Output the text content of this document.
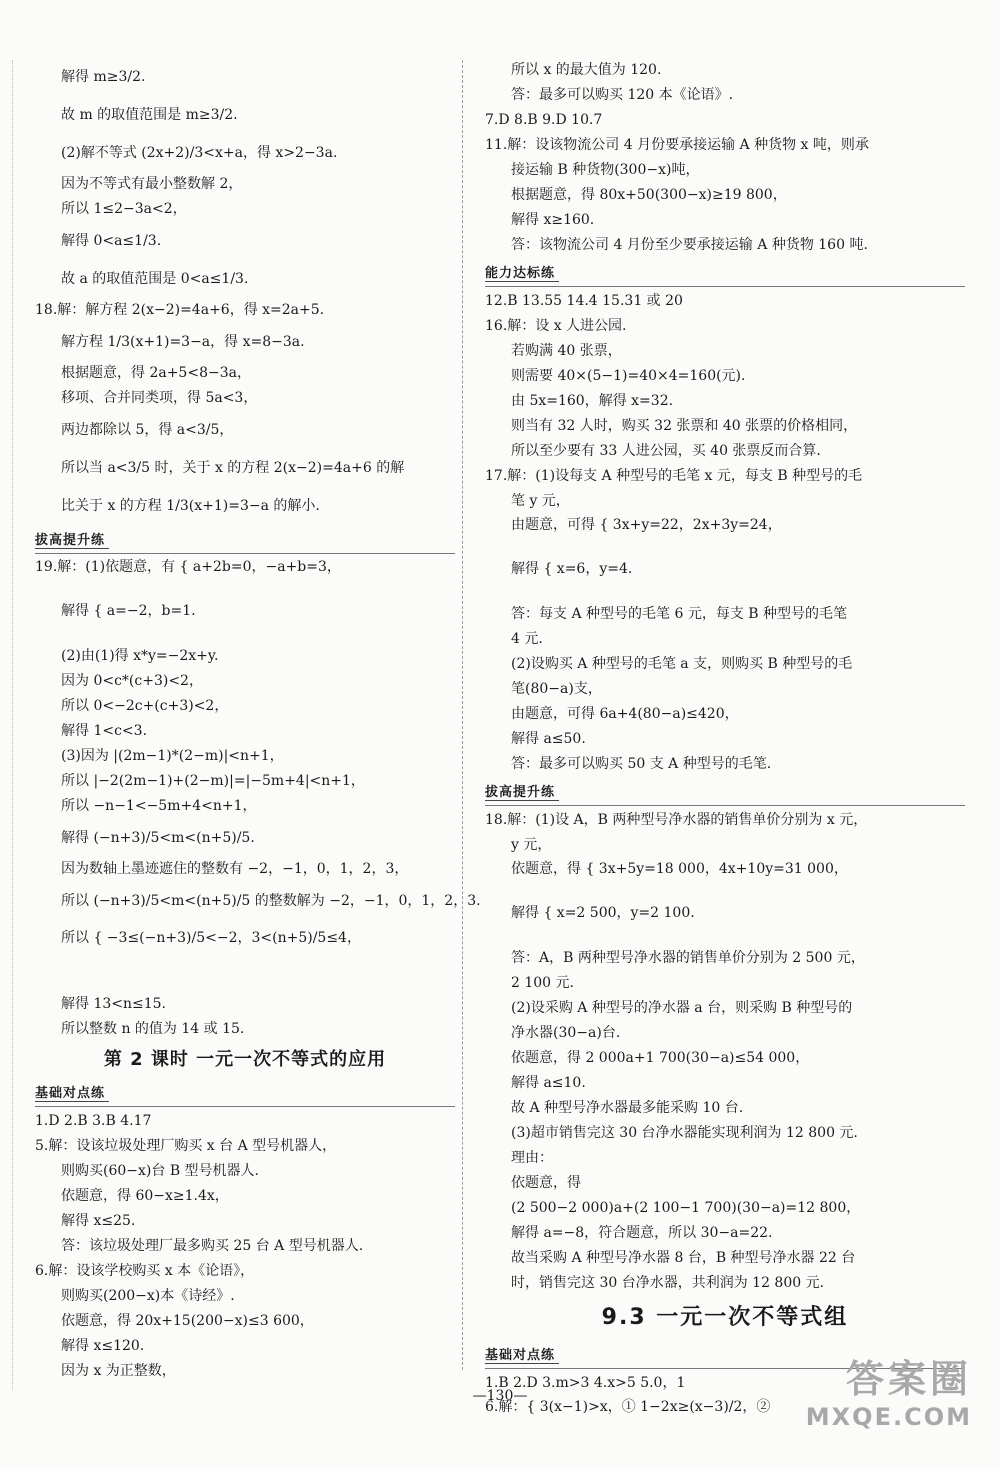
解得 m≥3/2.
故 m 的取值范围是 m≥3/2.
(2)解不等式 (2x+2)/3<x+a，得 x>2−3a.
因为不等式有最小整数解 2，
所以 1≤2−3a<2，
解得 0<a≤1/3.
故 a 的取值范围是 0<a≤1/3.
18.解：解方程 2(x−2)=4a+6，得 x=2a+5.
解方程 1/3(x+1)=3−a，得 x=8−3a.
根据题意，得 2a+5<8−3a，
移项、合并同类项，得 5a<3，
两边都除以 5，得 a<3/5，
所以当 a<3/5 时，关于 x 的方程 2(x−2)=4a+6 的解
比关于 x 的方程 1/3(x+1)=3−a 的解小.
拔高提升练
19.解：(1)依题意，有 { a+2b=0，−a+b=3，
解得 { a=−2，b=1.
(2)由(1)得 x*y=−2x+y.
因为 0<c*(c+3)<2，
所以 0<−2c+(c+3)<2，
解得 1<c<3.
(3)因为 |(2m−1)*(2−m)|<n+1，
所以 |−2(2m−1)+(2−m)|=|−5m+4|<n+1，
所以 −n−1<−5m+4<n+1，
解得 (−n+3)/5<m<(n+5)/5.
因为数轴上墨迹遮住的整数有 −2，−1，0，1，2，3，
所以 (−n+3)/5<m<(n+5)/5 的整数解为 −2，−1，0，1，2，3.
所以 { −3≤(−n+3)/5<−2，3<(n+5)/5≤4，
解得 13<n≤15.
所以整数 n 的值为 14 或 15.
第 2 课时 一元一次不等式的应用
基础对点练
1.D 2.B 3.B 4.17
5.解：设该垃圾处理厂购买 x 台 A 型号机器人，
则购买(60−x)台 B 型号机器人.
依题意，得 60−x≥1.4x，
解得 x≤25.
答：该垃圾处理厂最多购买 25 台 A 型号机器人.
6.解：设该学校购买 x 本《论语》，
则购买(200−x)本《诗经》.
依题意，得 20x+15(200−x)≤3 600，
解得 x≤120.
因为 x 为正整数，
所以 x 的最大值为 120.
答：最多可以购买 120 本《论语》.
7.D 8.B 9.D 10.7
11.解：设该物流公司 4 月份要承接运输 A 种货物 x 吨，则承
接运输 B 种货物(300−x)吨，
根据题意，得 80x+50(300−x)≥19 800，
解得 x≥160.
答：该物流公司 4 月份至少要承接运输 A 种货物 160 吨.
能力达标练
12.B 13.55 14.4 15.31 或 20
16.解：设 x 人进公园.
若购满 40 张票，
则需要 40×(5−1)=40×4=160(元).
由 5x=160，解得 x=32.
则当有 32 人时，购买 32 张票和 40 张票的价格相同，
所以至少要有 33 人进公园，买 40 张票反而合算.
17.解：(1)设每支 A 种型号的毛笔 x 元，每支 B 种型号的毛
笔 y 元，
由题意，可得 { 3x+y=22，2x+3y=24，
解得 { x=6，y=4.
答：每支 A 种型号的毛笔 6 元，每支 B 种型号的毛笔
4 元.
(2)设购买 A 种型号的毛笔 a 支，则购买 B 种型号的毛
笔(80−a)支，
由题意，可得 6a+4(80−a)≤420，
解得 a≤50.
答：最多可以购买 50 支 A 种型号的毛笔.
拔高提升练
18.解：(1)设 A，B 两种型号净水器的销售单价分别为 x 元，
y 元，
依题意，得 { 3x+5y=18 000，4x+10y=31 000，
解得 { x=2 500，y=2 100.
答：A，B 两种型号净水器的销售单价分别为 2 500 元，
2 100 元.
(2)设采购 A 种型号的净水器 a 台，则采购 B 种型号的
净水器(30−a)台.
依题意，得 2 000a+1 700(30−a)≤54 000，
解得 a≤10.
故 A 种型号净水器最多能采购 10 台.
(3)超市销售完这 30 台净水器能实现利润为 12 800 元.
理由：
依题意，得
(2 500−2 000)a+(2 100−1 700)(30−a)=12 800，
解得 a=−8，符合题意，所以 30−a=22.
故当采购 A 种型号净水器 8 台，B 种型号净水器 22 台
时，销售完这 30 台净水器，共利润为 12 800 元.
9.3 一元一次不等式组
基础对点练
1.B 2.D 3.m>3 4.x>5 5.0，1
6.解：{ 3(x−1)>x，① 1−2x≥(x−3)/2，②
—130—	答案圈
MXQE.COM
